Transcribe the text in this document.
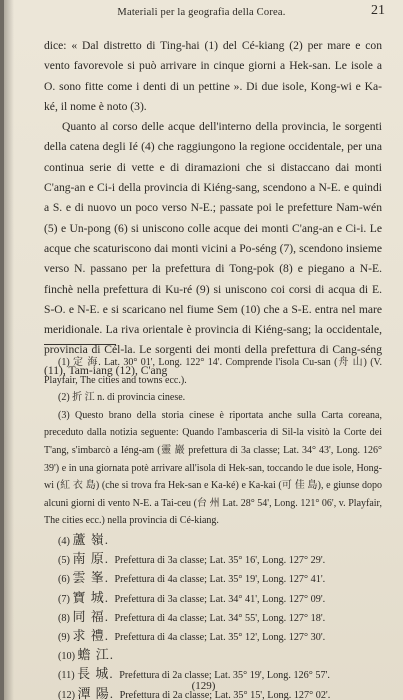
Materiali per la geografia della Corea.	21

dice: « Dal distretto di Ting-hai (1) del Cé-kiang (2) per mare e con vento favorevole si può arrivare in cinque giorni a Hek-san. Le isole a O. sono fitte come i denti di un pettine ». Di due isole, Kong-wi e Ka-ké, il nome è noto (3).

Quanto al corso delle acque dell'interno della provincia, le sorgenti della catena degli Ié (4) che raggiungono la regione occidentale, per una continua serie di vette e di diramazioni che si distaccano dai monti C'ang-an e Ci-i della provincia di Kiéng-sang, scendono a N-E. e quindi a S. e di nuovo un poco verso N-E.; passate poi le prefetture Nam-wén (5) e Un-pong (6) si uniscono colle acque dei monti C'ang-an e Ci-i. Le acque che scaturiscono dai monti vicini a Po-séng (7), scendono insieme verso N. passano per la prefettura di Tong-pok (8) e piegano a N-E. finchè nella prefettura di Ku-ré (9) si uniscono coi corsi di acqua di E. S-O. e N-E. e si scaricano nel fiume Sem (10) che a S-E. entra nel mare meridionale. La riva orientale è provincia di Kiéng-sang; la occidentale, provincia di Cél-la. Le sorgenti dei monti della prefettura di Cang-séng (11), Tam-iang (12), C'ang

(1) 定 海. Lat. 30° 01', Long. 122° 14'. Comprende l'isola Cu-san (舟 山) (V. Playfair, The cities and towns ecc.).

(2) 折 江 n. di provincia cinese.

(3) Questo brano della storia cinese è riportata anche sulla Carta coreana, preceduto dalla notizia seguente: Quando l'ambasceria di Sil-la visitò la Corte dei T'ang, s'imbarcò a Iéng-am (靈 巖 prefettura di 3a classe; Lat. 34° 43', Long. 126° 39') e in una giornata potè arrivare all'isola di Hek-san, toccando le due isole, Hong-wi (紅 衣 島) (che si trova fra Hek-san e Ka-ké) e Ka-kai (可 佳 島), e giunse dopo alcuni giorni di vento N-E. a Tai-ceu (台 州 Lat. 28° 54', Long. 121° 06', v. Playfair, The cities ecc.) nella provincia di Cé-kiang.

(4) 蘆 嶺.
(5) 南 原. Prefettura di 3a classe; Lat. 35° 16', Long. 127° 29'.
(6) 雲 峯. Prefettura di 4a classe; Lat. 35° 19', Long. 127° 41'.
(7) 寶 城. Prefettura di 3a classe; Lat. 34° 41', Long. 127° 09'.
(8) 同 福. Prefettura di 4a classe; Lat. 34° 55', Long. 127° 18'.
(9) 求 禮. Prefettura di 4a classe; Lat. 35° 12', Long. 127° 30'.
(10) 蟾 江.
(11) 長 城. Prefettura di 2a classe; Lat. 35° 19', Long. 126° 57'.
(12) 潭 陽. Prefettura di 2a classe; Lat. 35° 15', Long. 127° 02'.
(129)
